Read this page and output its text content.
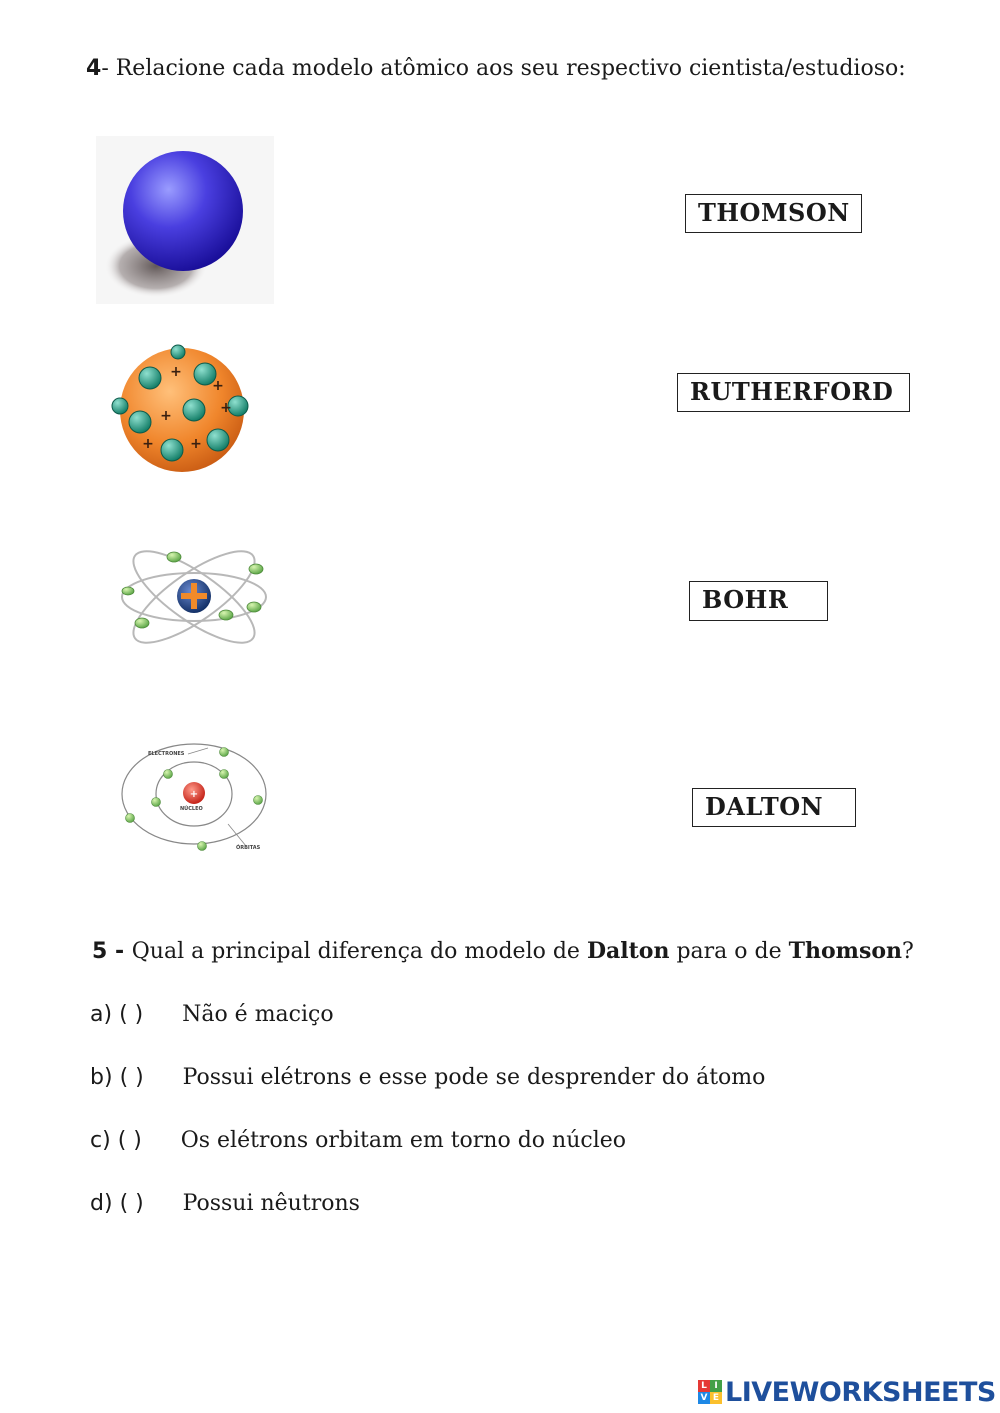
4- Relacione cada modelo atômico aos seu respectivo cientista/estudioso:
+
+	+
+
+
+
+
+
ELECTRONES
NÚCLEO
ÓRBITAS
THOMSON
RUTHERFORD
BOHR
DALTON
5 - Qual a principal diferença do modelo de Dalton para o de Thomson?
a) ( ) Não é maciço
b) ( ) Possui elétrons e esse pode se desprender do átomo
c) ( ) Os elétrons orbitam em torno do núcleo
d) ( ) Possui nêutrons
L I
V E LIVEWORKSHEETS
